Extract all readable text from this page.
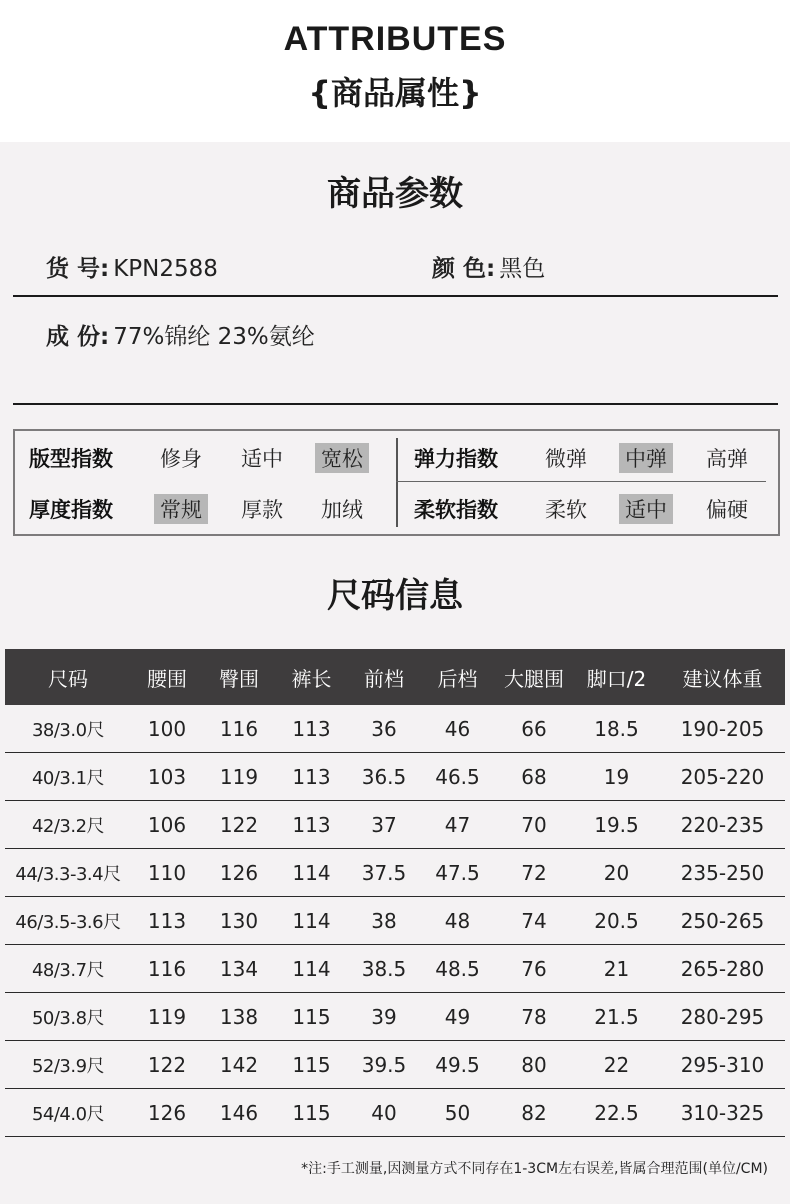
ATTRIBUTES
{商品属性}
商品参数
货 号: KPN2588	颜 色: 黑色
成 份: 77%锦纶 23%氨纶
版型指数 修身 适中 宽松 弹力指数 微弹 中弹 高弹
厚度指数 常规 厚款 加绒 柔软指数 柔软 适中 偏硬
尺码信息
尺码	腰围	臀围	裤长	前档	后档	大腿围	脚口/2	建议体重
38/3.0尺	100	116	113	36	46	66	18.5	190-205
40/3.1尺	103	119	113	36.5	46.5	68	19	205-220
42/3.2尺	106	122	113	37	47	70	19.5	220-235
44/3.3-3.4尺	110	126	114	37.5	47.5	72	20	235-250
46/3.5-3.6尺	113	130	114	38	48	74	20.5	250-265
48/3.7尺	116	134	114	38.5	48.5	76	21	265-280
50/3.8尺	119	138	115	39	49	78	21.5	280-295
52/3.9尺	122	142	115	39.5	49.5	80	22	295-310
54/4.0尺	126	146	115	40	50	82	22.5	310-325
*注:手工测量,因测量方式不同存在1-3CM左右误差,皆属合理范围(单位/CM)
